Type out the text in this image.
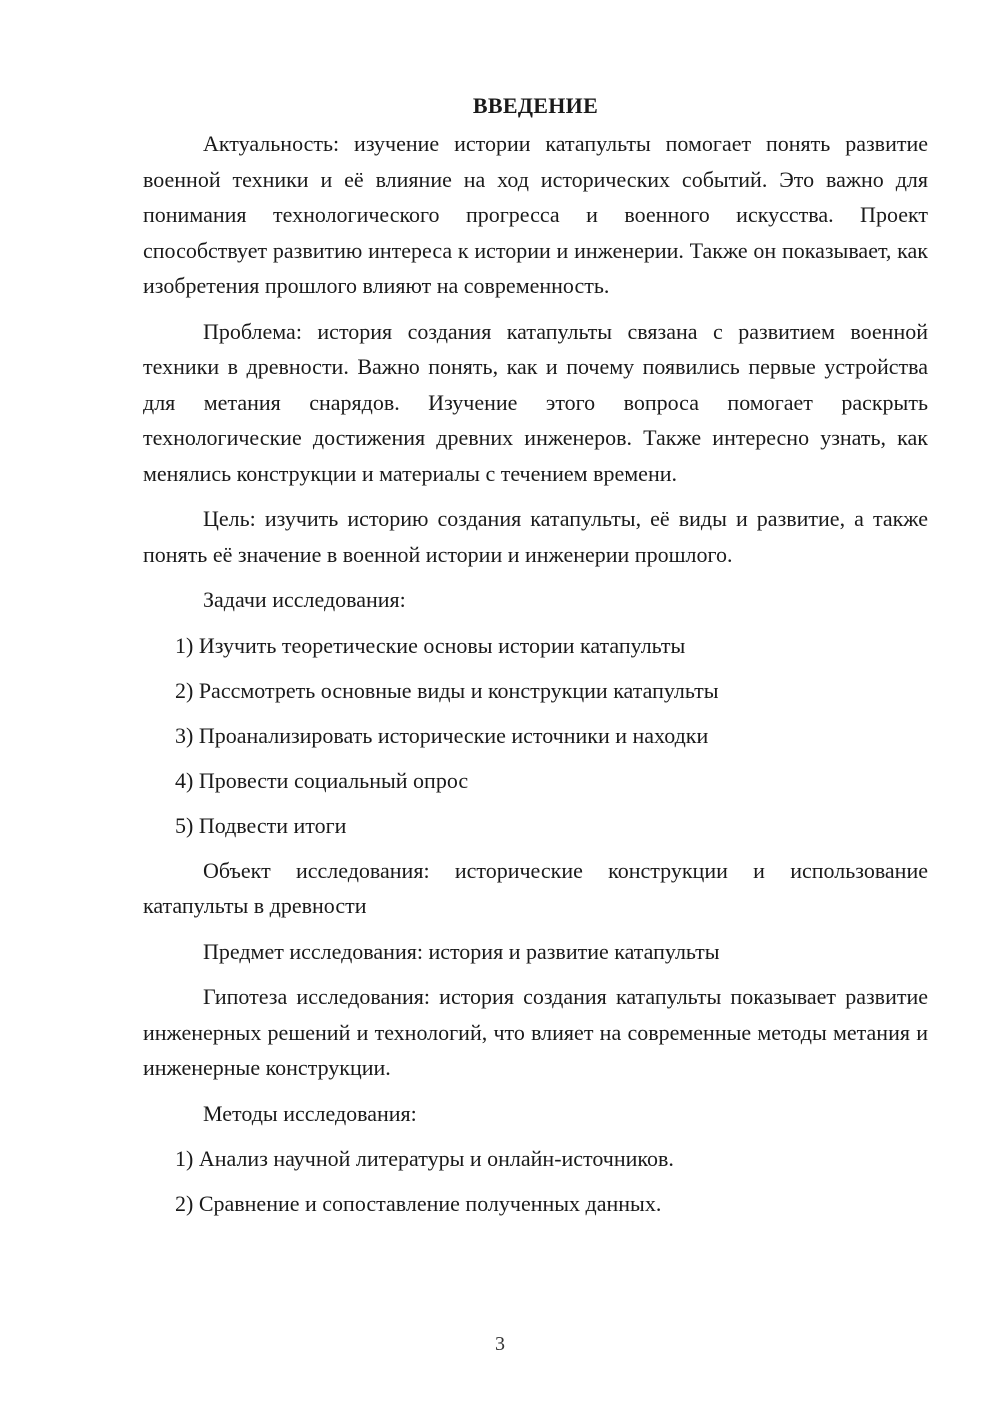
ВВЕДЕНИЕ

Актуальность: изучение истории катапульты помогает понять развитие военной техники и её влияние на ход исторических событий. Это важно для понимания технологического прогресса и военного искусства. Проект способствует развитию интереса к истории и инженерии. Также он показывает, как изобретения прошлого влияют на современность.

Проблема: история создания катапульты связана с развитием военной техники в древности. Важно понять, как и почему появились первые устройства для метания снарядов. Изучение этого вопроса помогает раскрыть технологические достижения древних инженеров. Также интересно узнать, как менялись конструкции и материалы с течением времени.

Цель: изучить историю создания катапульты, её виды и развитие, а также понять её значение в военной истории и инженерии прошлого.

Задачи исследования:

1) Изучить теоретические основы истории катапульты
2) Рассмотреть основные виды и конструкции катапульты
3) Проанализировать исторические источники и находки
4) Провести социальный опрос
5) Подвести итоги

Объект исследования: исторические конструкции и использование катапульты в древности

Предмет исследования: история и развитие катапульты

Гипотеза исследования: история создания катапульты показывает развитие инженерных решений и технологий, что влияет на современные методы метания и инженерные конструкции.

Методы исследования:

1) Анализ научной литературы и онлайн-источников.
2) Сравнение и сопоставление полученных данных.
3
